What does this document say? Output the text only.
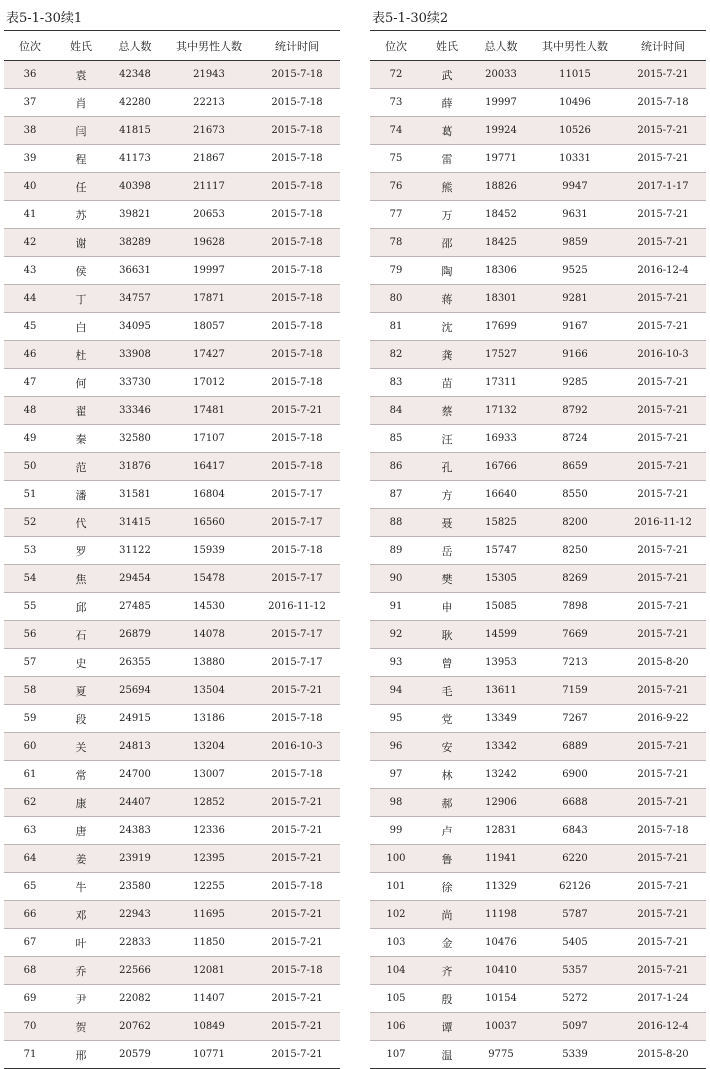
表5-1-30续1
位次	姓氏	总人数	其中男性人数	统计时间
36	袁	42348	21943	2015-7-18
37	肖	42280	22213	2015-7-18
38	闫	41815	21673	2015-7-18
39	程	41173	21867	2015-7-18
40	任	40398	21117	2015-7-18
41	苏	39821	20653	2015-7-18
42	谢	38289	19628	2015-7-18
43	侯	36631	19997	2015-7-18
44	丁	34757	17871	2015-7-18
45	白	34095	18057	2015-7-18
46	杜	33908	17427	2015-7-18
47	何	33730	17012	2015-7-18
48	翟	33346	17481	2015-7-21
49	秦	32580	17107	2015-7-18
50	范	31876	16417	2015-7-18
51	潘	31581	16804	2015-7-17
52	代	31415	16560	2015-7-17
53	罗	31122	15939	2015-7-18
54	焦	29454	15478	2015-7-17
55	邱	27485	14530	2016-11-12
56	石	26879	14078	2015-7-17
57	史	26355	13880	2015-7-17
58	夏	25694	13504	2015-7-21
59	段	24915	13186	2015-7-18
60	关	24813	13204	2016-10-3
61	常	24700	13007	2015-7-18
62	康	24407	12852	2015-7-21
63	唐	24383	12336	2015-7-21
64	姜	23919	12395	2015-7-21
65	牛	23580	12255	2015-7-18
66	邓	22943	11695	2015-7-21
67	叶	22833	11850	2015-7-21
68	乔	22566	12081	2015-7-18
69	尹	22082	11407	2015-7-21
70	贺	20762	10849	2015-7-21
71	邢	20579	10771	2015-7-21
表5-1-30续2
位次	姓氏	总人数	其中男性人数	统计时间
72	武	20033	11015	2015-7-21
73	薛	19997	10496	2015-7-18
74	葛	19924	10526	2015-7-21
75	雷	19771	10331	2015-7-21
76	熊	18826	9947	2017-1-17
77	万	18452	9631	2015-7-21
78	邵	18425	9859	2015-7-21
79	陶	18306	9525	2016-12-4
80	蒋	18301	9281	2015-7-21
81	沈	17699	9167	2015-7-21
82	龚	17527	9166	2016-10-3
83	苗	17311	9285	2015-7-21
84	蔡	17132	8792	2015-7-21
85	汪	16933	8724	2015-7-21
86	孔	16766	8659	2015-7-21
87	方	16640	8550	2015-7-21
88	聂	15825	8200	2016-11-12
89	岳	15747	8250	2015-7-21
90	樊	15305	8269	2015-7-21
91	申	15085	7898	2015-7-21
92	耿	14599	7669	2015-7-21
93	曾	13953	7213	2015-8-20
94	毛	13611	7159	2015-7-21
95	党	13349	7267	2016-9-22
96	安	13342	6889	2015-7-21
97	林	13242	6900	2015-7-21
98	郝	12906	6688	2015-7-21
99	卢	12831	6843	2015-7-18
100	鲁	11941	6220	2015-7-21
101	徐	11329	62126	2015-7-21
102	尚	11198	5787	2015-7-21
103	金	10476	5405	2015-7-21
104	齐	10410	5357	2015-7-21
105	殷	10154	5272	2017-1-24
106	谭	10037	5097	2016-12-4
107	温	9775	5339	2015-8-20
